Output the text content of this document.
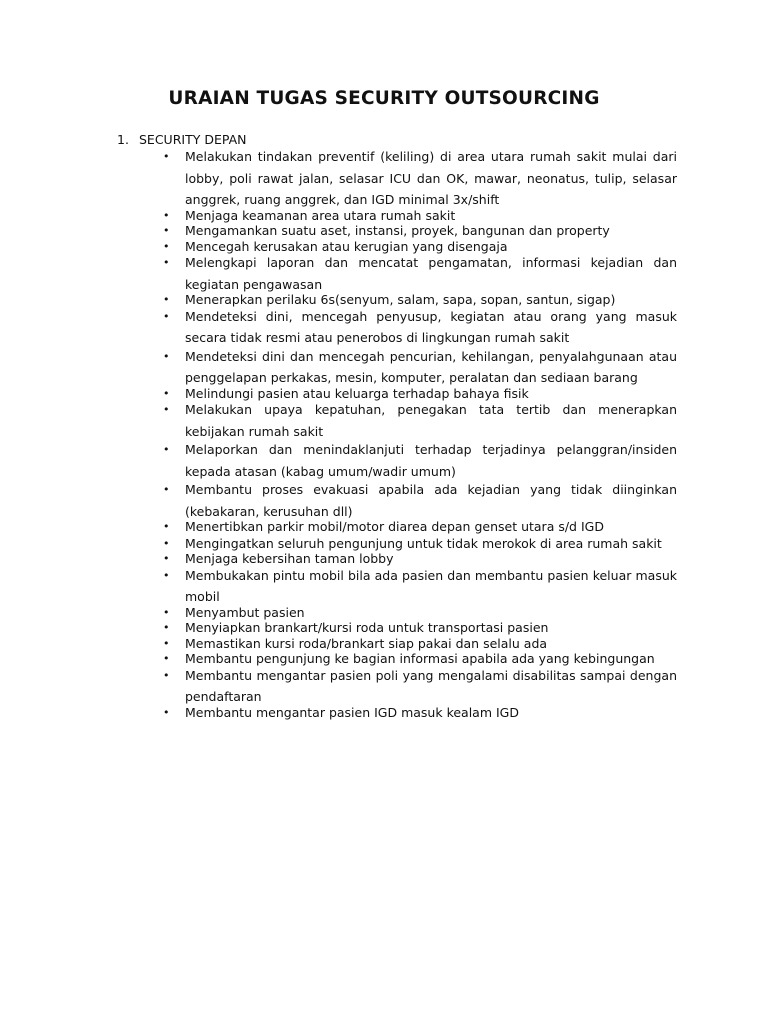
URAIAN TUGAS SECURITY OUTSOURCING
1. SECURITY DEPAN
• Melakukan tindakan preventif (keliling) di area utara rumah sakit mulai dari lobby, poli rawat jalan, selasar ICU dan OK, mawar, neonatus, tulip, selasar anggrek, ruang anggrek, dan IGD minimal 3x/shift
• Menjaga keamanan area utara rumah sakit
• Mengamankan suatu aset, instansi, proyek, bangunan dan property
• Mencegah kerusakan atau kerugian yang disengaja
• Melengkapi laporan dan mencatat pengamatan, informasi kejadian dan kegiatan pengawasan
• Menerapkan perilaku 6s(senyum, salam, sapa, sopan, santun, sigap)
• Mendeteksi dini, mencegah penyusup, kegiatan atau orang yang masuk secara tidak resmi atau penerobos di lingkungan rumah sakit
• Mendeteksi dini dan mencegah pencurian, kehilangan, penyalahgunaan atau penggelapan perkakas, mesin, komputer, peralatan dan sediaan barang
• Melindungi pasien atau keluarga terhadap bahaya fisik
• Melakukan upaya kepatuhan, penegakan tata tertib dan menerapkan kebijakan rumah sakit
• Melaporkan dan menindaklanjuti terhadap terjadinya pelanggran/insiden kepada atasan (kabag umum/wadir umum)
• Membantu proses evakuasi apabila ada kejadian yang tidak diinginkan (kebakaran, kerusuhan dll)
• Menertibkan parkir mobil/motor diarea depan genset utara s/d IGD
• Mengingatkan seluruh pengunjung untuk tidak merokok di area rumah sakit
• Menjaga kebersihan taman lobby
• Membukakan pintu mobil bila ada pasien dan membantu pasien keluar masuk mobil
• Menyambut pasien
• Menyiapkan brankart/kursi roda untuk transportasi pasien
• Memastikan kursi roda/brankart siap pakai dan selalu ada
• Membantu pengunjung ke bagian informasi apabila ada yang kebingungan
• Membantu mengantar pasien poli yang mengalami disabilitas sampai dengan pendaftaran
• Membantu mengantar pasien IGD masuk kealam IGD
